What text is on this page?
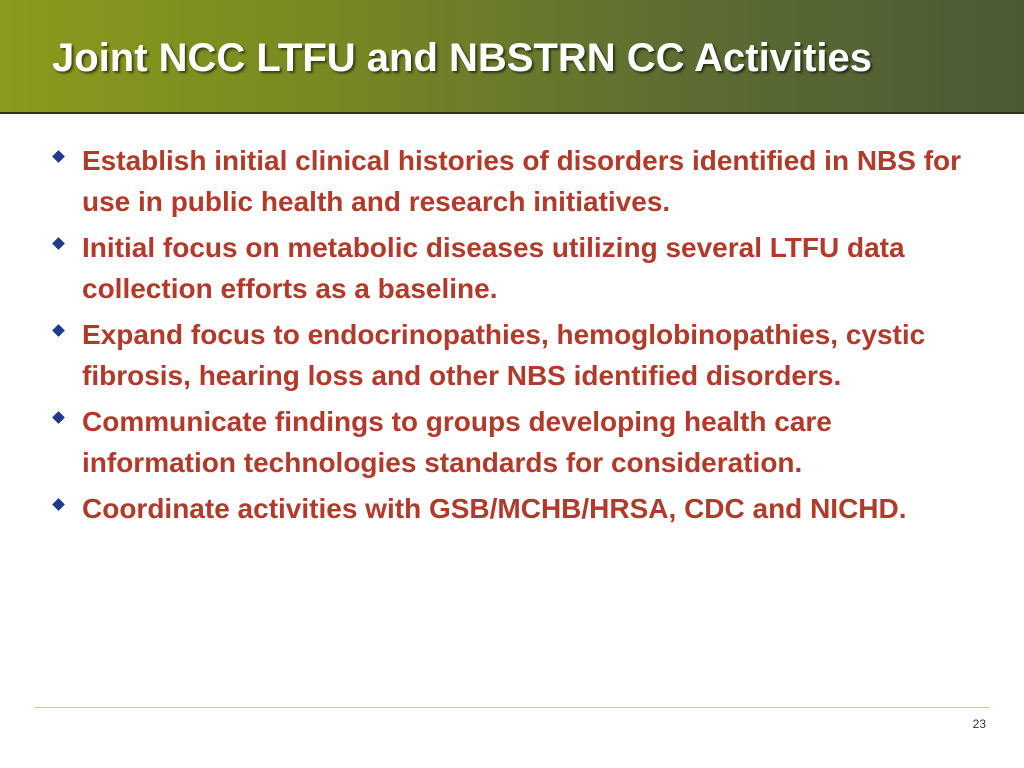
Joint NCC LTFU and NBSTRN CC Activities
Establish initial clinical histories of disorders identified in NBS for use in public health and research initiatives.
Initial focus on metabolic diseases utilizing several LTFU data collection efforts as a baseline.
Expand focus to endocrinopathies, hemoglobinopathies, cystic fibrosis, hearing loss and other NBS identified disorders.
Communicate findings to groups developing health care information technologies standards for consideration.
Coordinate activities with GSB/MCHB/HRSA, CDC and NICHD.
23
